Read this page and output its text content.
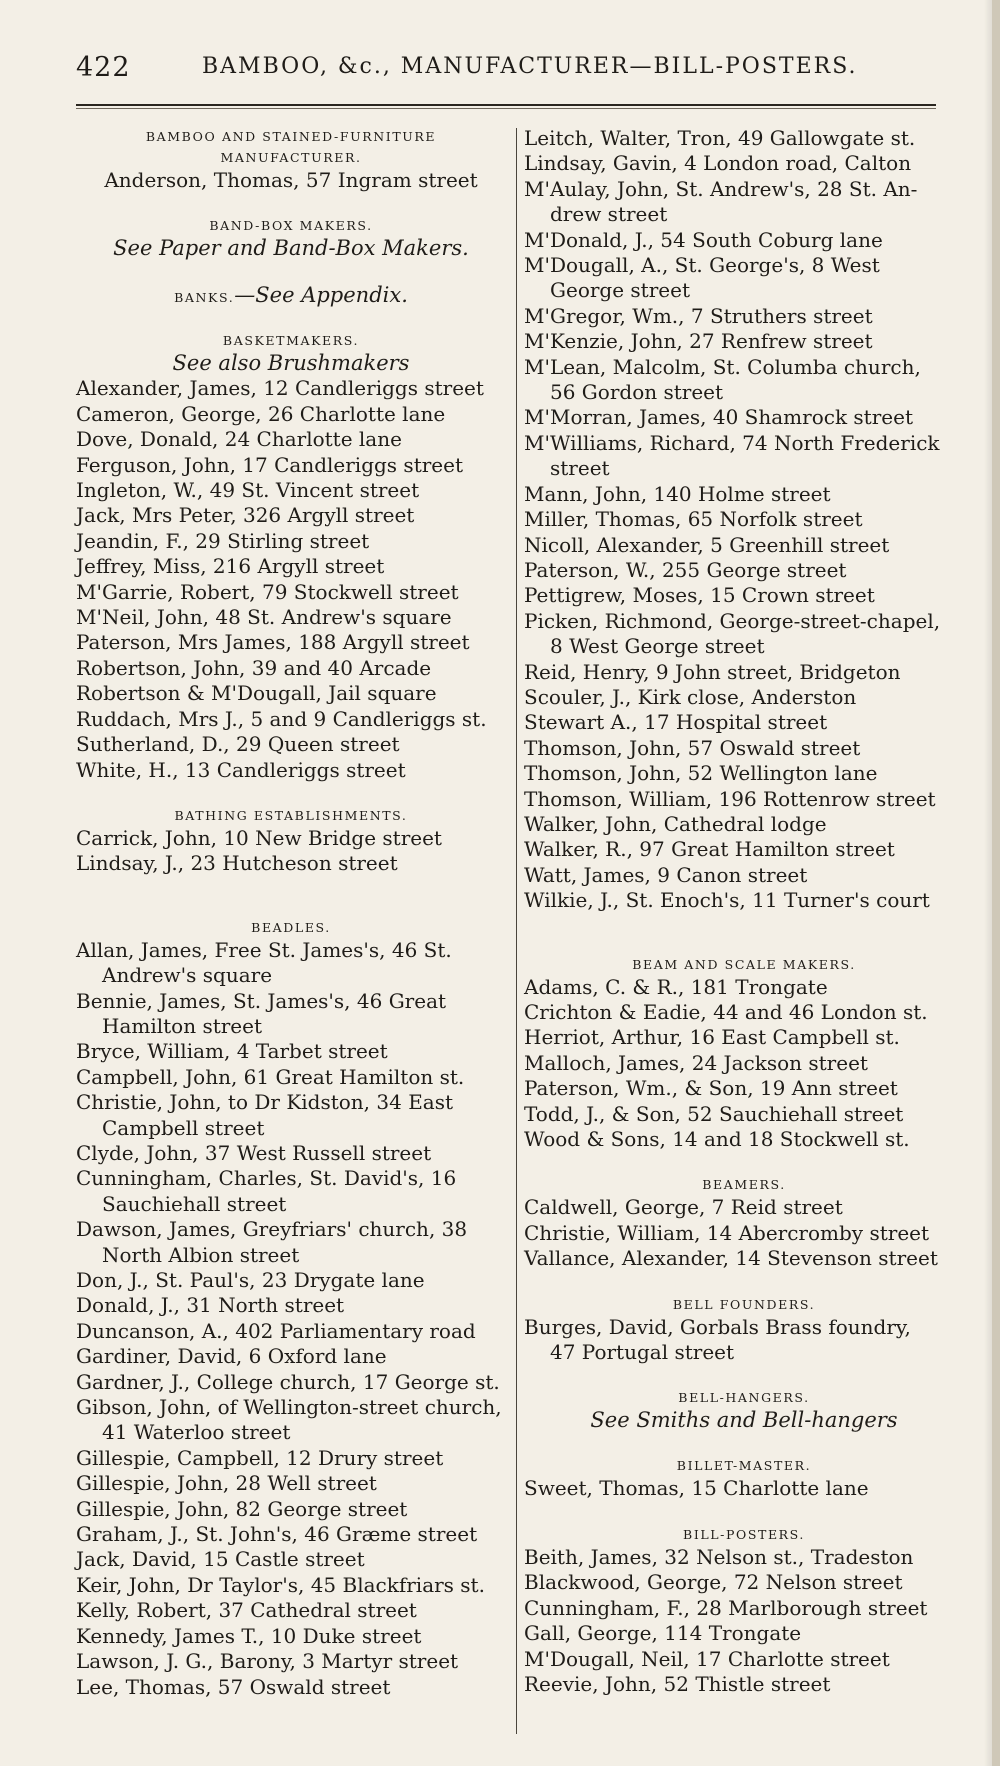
422	BAMBOO, &c., MANUFACTURER—BILL-POSTERS.
BAMBOO AND STAINED-FURNITURE
MANUFACTURER.
Anderson, Thomas, 57 Ingram street
BAND-BOX MAKERS.
See Paper and Band-Box Makers.
BANKS.—See Appendix.
BASKETMAKERS.
See also Brushmakers
Alexander, James, 12 Candleriggs street
Cameron, George, 26 Charlotte lane
Dove, Donald, 24 Charlotte lane
Ferguson, John, 17 Candleriggs street
Ingleton, W., 49 St. Vincent street
Jack, Mrs Peter, 326 Argyll street
Jeandin, F., 29 Stirling street
Jeffrey, Miss, 216 Argyll street
M'Garrie, Robert, 79 Stockwell street
M'Neil, John, 48 St. Andrew's square
Paterson, Mrs James, 188 Argyll street
Robertson, John, 39 and 40 Arcade
Robertson & M'Dougall, Jail square
Ruddach, Mrs J., 5 and 9 Candleriggs st.
Sutherland, D., 29 Queen street
White, H., 13 Candleriggs street
BATHING ESTABLISHMENTS.
Carrick, John, 10 New Bridge street
Lindsay, J., 23 Hutcheson street
BEADLES.
Allan, James, Free St. James's, 46 St.
Andrew's square
Bennie, James, St. James's, 46 Great
Hamilton street
Bryce, William, 4 Tarbet street
Campbell, John, 61 Great Hamilton st.
Christie, John, to Dr Kidston, 34 East
Campbell street
Clyde, John, 37 West Russell street
Cunningham, Charles, St. David's, 16
Sauchiehall street
Dawson, James, Greyfriars' church, 38
North Albion street
Don, J., St. Paul's, 23 Drygate lane
Donald, J., 31 North street
Duncanson, A., 402 Parliamentary road
Gardiner, David, 6 Oxford lane
Gardner, J., College church, 17 George st.
Gibson, John, of Wellington-street church,
41 Waterloo street
Gillespie, Campbell, 12 Drury street
Gillespie, John, 28 Well street
Gillespie, John, 82 George street
Graham, J., St. John's, 46 Græme street
Jack, David, 15 Castle street
Keir, John, Dr Taylor's, 45 Blackfriars st.
Kelly, Robert, 37 Cathedral street
Kennedy, James T., 10 Duke street
Lawson, J. G., Barony, 3 Martyr street
Lee, Thomas, 57 Oswald street
Leitch, Walter, Tron, 49 Gallowgate st.
Lindsay, Gavin, 4 London road, Calton
M'Aulay, John, St. Andrew's, 28 St. An-
drew street
M'Donald, J., 54 South Coburg lane
M'Dougall, A., St. George's, 8 West
George street
M'Gregor, Wm., 7 Struthers street
M'Kenzie, John, 27 Renfrew street
M'Lean, Malcolm, St. Columba church,
56 Gordon street
M'Morran, James, 40 Shamrock street
M'Williams, Richard, 74 North Frederick
street
Mann, John, 140 Holme street
Miller, Thomas, 65 Norfolk street
Nicoll, Alexander, 5 Greenhill street
Paterson, W., 255 George street
Pettigrew, Moses, 15 Crown street
Picken, Richmond, George-street-chapel,
8 West George street
Reid, Henry, 9 John street, Bridgeton
Scouler, J., Kirk close, Anderston
Stewart A., 17 Hospital street
Thomson, John, 57 Oswald street
Thomson, John, 52 Wellington lane
Thomson, William, 196 Rottenrow street
Walker, John, Cathedral lodge
Walker, R., 97 Great Hamilton street
Watt, James, 9 Canon street
Wilkie, J., St. Enoch's, 11 Turner's court
BEAM AND SCALE MAKERS.
Adams, C. & R., 181 Trongate
Crichton & Eadie, 44 and 46 London st.
Herriot, Arthur, 16 East Campbell st.
Malloch, James, 24 Jackson street
Paterson, Wm., & Son, 19 Ann street
Todd, J., & Son, 52 Sauchiehall street
Wood & Sons, 14 and 18 Stockwell st.
BEAMERS.
Caldwell, George, 7 Reid street
Christie, William, 14 Abercromby street
Vallance, Alexander, 14 Stevenson street
BELL FOUNDERS.
Burges, David, Gorbals Brass foundry,
47 Portugal street
BELL-HANGERS.
See Smiths and Bell-hangers
BILLET-MASTER.
Sweet, Thomas, 15 Charlotte lane
BILL-POSTERS.
Beith, James, 32 Nelson st., Tradeston
Blackwood, George, 72 Nelson street
Cunningham, F., 28 Marlborough street
Gall, George, 114 Trongate
M'Dougall, Neil, 17 Charlotte street
Reevie, John, 52 Thistle street
